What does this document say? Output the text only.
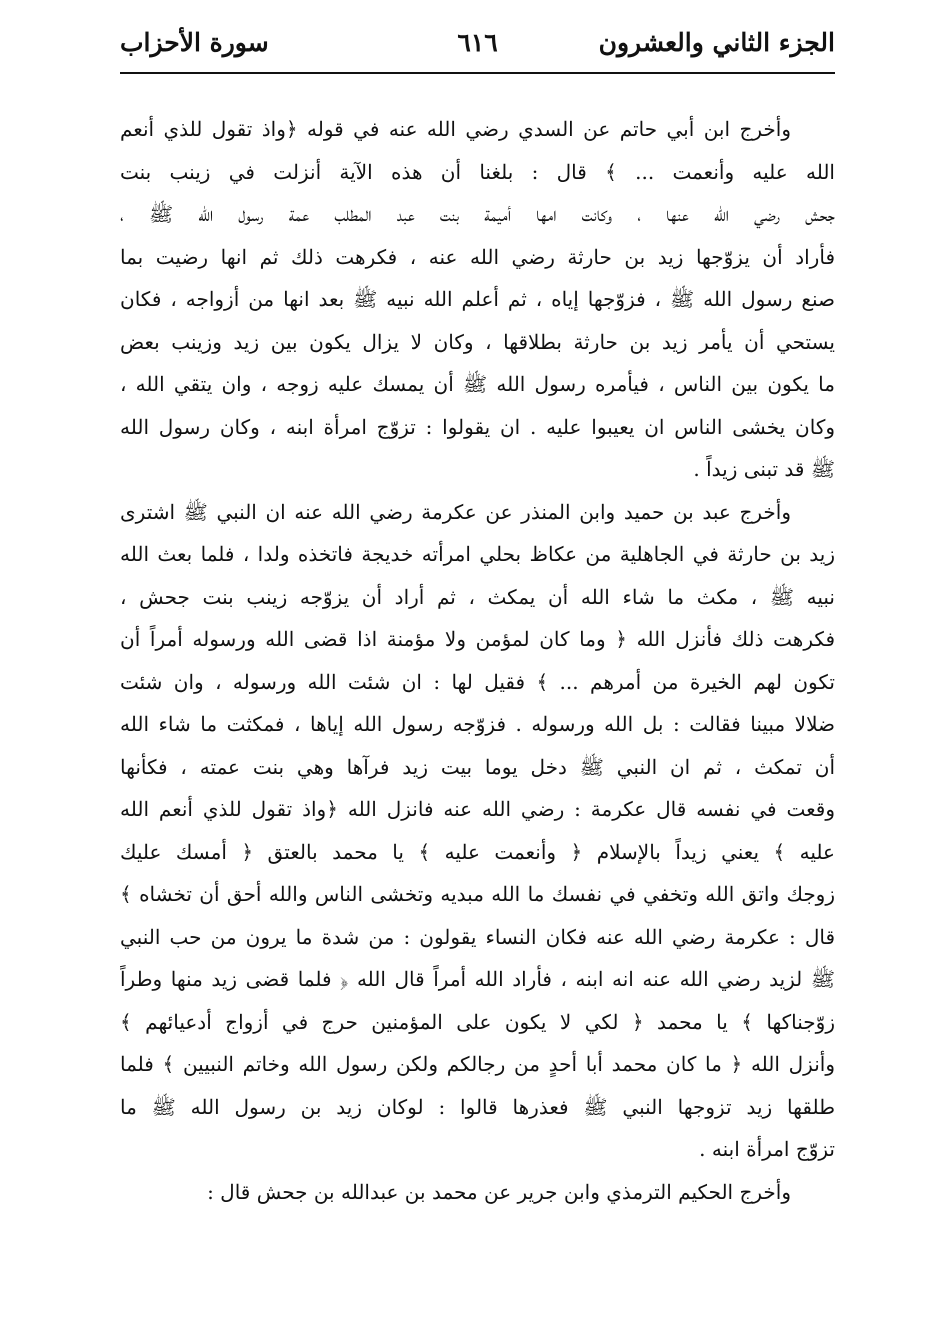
الجزء الثاني والعشرون
٦١٦
سورة الأحزاب
وأخرج ابن أبي حاتم عن السدي رضي الله عنه في قوله ﴿واذ تقول للذي أنعم
الله عليه وأنعمت ... ﴾ قال : بلغنا أن هذه الآية أنزلت في زينب بنت
جحش رضي الله عنها ، وكانت امها أميمة بنت عبد المطلب عمة رسول الله ﷺ ،
فأراد أن يزوّجها زيد بن حارثة رضي الله عنه ، فكرهت ذلك ثم انها رضيت بما
صنع رسول الله ﷺ ، فزوّجها إياه ، ثم أعلم الله نبيه ﷺ بعد انها من أزواجه ، فكان
يستحي أن يأمر زيد بن حارثة بطلاقها ، وكان لا يزال يكون بين زيد وزينب بعض
ما يكون بين الناس ، فيأمره رسول الله ﷺ أن يمسك عليه زوجه ، وان يتقي الله ،
وكان يخشى الناس ان يعيبوا عليه . ان يقولوا : تزوّج امرأة ابنه ، وكان رسول الله
ﷺ قد تبنى زيداً .
وأخرج عبد بن حميد وابن المنذر عن عكرمة رضي الله عنه ان النبي ﷺ اشترى
زيد بن حارثة في الجاهلية من عكاظ بحلي امرأته خديجة فاتخذه ولدا ، فلما بعث الله
نبيه ﷺ ، مكث ما شاء الله أن يمكث ، ثم أراد أن يزوّجه زينب بنت جحش ،
فكرهت ذلك فأنزل الله ﴿ وما كان لمؤمن ولا مؤمنة اذا قضى الله ورسوله أمراً أن
تكون لهم الخيرة من أمرهم ... ﴾ فقيل لها : ان شئت الله ورسوله ، وان شئت
ضلالا مبينا فقالت : بل الله ورسوله . فزوّجه رسول الله إياها ، فمكثت ما شاء الله
أن تمكث ، ثم ان النبي ﷺ دخل يوما بيت زيد فرآها وهي بنت عمته ، فكأنها
وقعت في نفسه قال عكرمة : رضي الله عنه فانزل الله ﴿واذ تقول للذي أنعم الله
عليه ﴾ يعني زيداً بالإسلام ﴿ وأنعمت عليه ﴾ يا محمد بالعتق ﴿ أمسك عليك
زوجك واتق الله وتخفي في نفسك ما الله مبديه وتخشى الناس والله أحق أن تخشاه ﴾
قال : عكرمة رضي الله عنه فكان النساء يقولون : من شدة ما يرون من حب النبي
ﷺ لزيد رضي الله عنه انه ابنه ، فأراد الله أمراً قال الله ﴿ فلما قضى زيد منها وطراً
زوّجناكها ﴾ يا محمد ﴿ لكي لا يكون على المؤمنين حرج في أزواج أدعيائهم ﴾
وأنزل الله ﴿ ما كان محمد أبا أحدٍ من رجالكم ولكن رسول الله وخاتم النبيين ﴾ فلما
طلقها زيد تزوجها النبي ﷺ فعذرها قالوا : لوكان زيد بن رسول الله ﷺ ما
تزوّج امرأة ابنه .
وأخرج الحكيم الترمذي وابن جرير عن محمد بن عبدالله بن جحش قال :
